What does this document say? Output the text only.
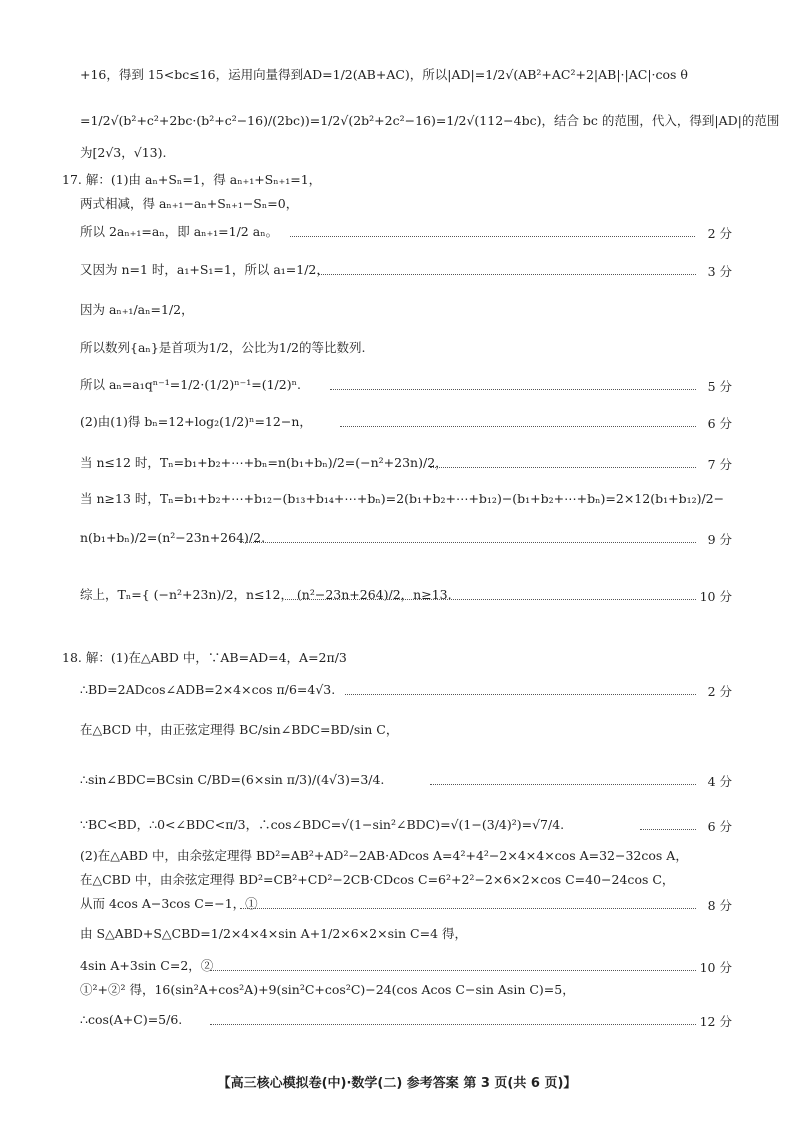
+16，得到 15<bc≤16，运用向量得到AD=1/2(AB+AC)，所以|AD|=1/2√(AB²+AC²+2|AB|·|AC|·cos θ
=1/2√(b²+c²+2bc·(b²+c²−16)/(2bc))=1/2√(2b²+2c²−16)=1/2√(112−4bc)，结合 bc 的范围，代入，得到|AD|的范围
为[2√3，√13).
17. 解：(1)由 aₙ+Sₙ=1，得 aₙ₊₁+Sₙ₊₁=1，
两式相减，得 aₙ₊₁−aₙ+Sₙ₊₁−Sₙ=0，
所以 2aₙ₊₁=aₙ，即 aₙ₊₁=1/2 aₙ。	2 分
又因为 n=1 时，a₁+S₁=1，所以 a₁=1/2，	3 分
因为 aₙ₊₁/aₙ=1/2，
所以数列{aₙ}是首项为1/2，公比为1/2的等比数列.
所以 aₙ=a₁qⁿ⁻¹=1/2·(1/2)ⁿ⁻¹=(1/2)ⁿ.	5 分
(2)由(1)得 bₙ=12+log₂(1/2)ⁿ=12−n，	6 分
当 n≤12 时，Tₙ=b₁+b₂+⋯+bₙ=n(b₁+bₙ)/2=(−n²+23n)/2，	7 分
当 n≥13 时，Tₙ=b₁+b₂+⋯+b₁₂−(b₁₃+b₁₄+⋯+bₙ)=2(b₁+b₂+⋯+b₁₂)−(b₁+b₂+⋯+bₙ)=2×12(b₁+b₁₂)/2−
n(b₁+bₙ)/2=(n²−23n+264)/2.	9 分
综上，Tₙ={ (−n²+23n)/2，n≤12， (n²−23n+264)/2，n≥13.	10 分
18. 解：(1)在△ABD 中，∵AB=AD=4，A=2π/3
∴BD=2ADcos∠ADB=2×4×cos π/6=4√3.	2 分
在△BCD 中，由正弦定理得 BC/sin∠BDC=BD/sin C，
∴sin∠BDC=BCsin C/BD=(6×sin π/3)/(4√3)=3/4.	4 分
∵BC<BD，∴0<∠BDC<π/3，∴cos∠BDC=√(1−sin²∠BDC)=√(1−(3/4)²)=√7/4.	6 分
(2)在△ABD 中，由余弦定理得 BD²=AB²+AD²−2AB·ADcos A=4²+4²−2×4×4×cos A=32−32cos A，
在△CBD 中，由余弦定理得 BD²=CB²+CD²−2CB·CDcos C=6²+2²−2×6×2×cos C=40−24cos C，
从而 4cos A−3cos C=−1，①	8 分
由 S△ABD+S△CBD=1/2×4×4×sin A+1/2×6×2×sin C=4 得，
4sin A+3sin C=2，②	10 分
①²+②² 得，16(sin²A+cos²A)+9(sin²C+cos²C)−24(cos Acos C−sin Asin C)=5，
∴cos(A+C)=5/6.	12 分
【高三核心模拟卷(中)·数学(二) 参考答案 第 3 页(共 6 页)】
